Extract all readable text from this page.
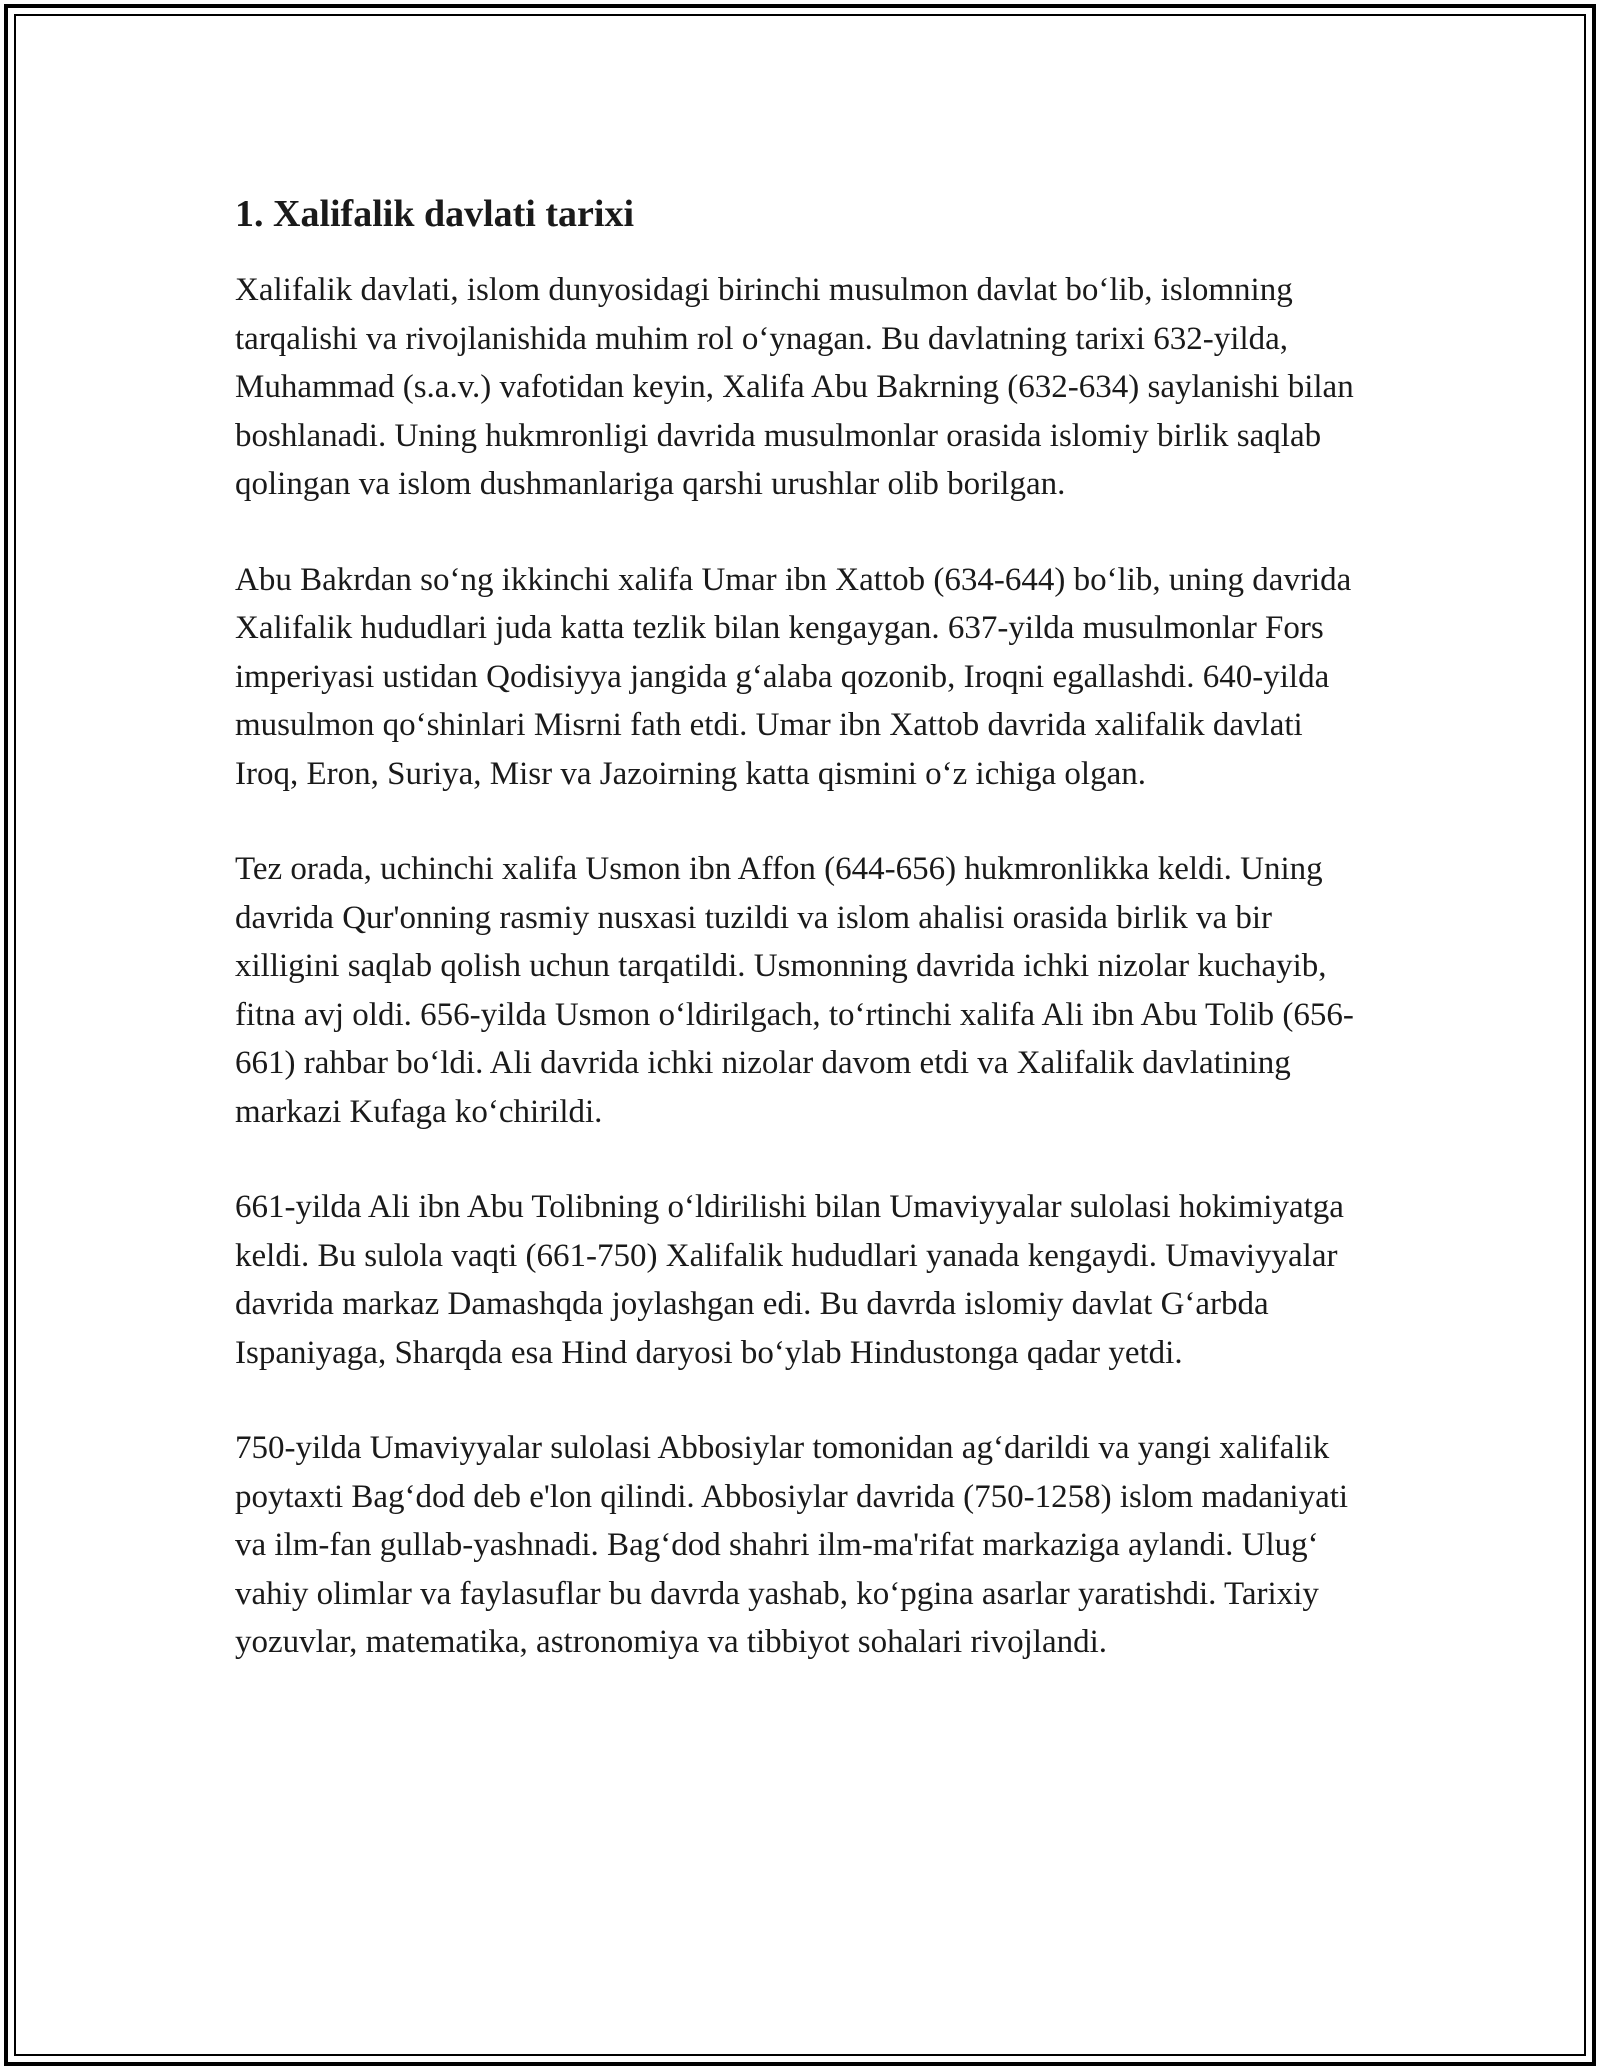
1. Xalifalik davlati tarixi

Xalifalik davlati, islom dunyosidagi birinchi musulmon davlat bo‘lib, islomning tarqalishi va rivojlanishida muhim rol o‘ynagan. Bu davlatning tarixi 632-yilda, Muhammad (s.a.v.) vafotidan keyin, Xalifa Abu Bakrning (632-634) saylanishi bilan boshlanadi. Uning hukmronligi davrida musulmonlar orasida islomiy birlik saqlab qolingan va islom dushmanlariga qarshi urushlar olib borilgan.

Abu Bakrdan so‘ng ikkinchi xalifa Umar ibn Xattob (634-644) bo‘lib, uning davrida Xalifalik hududlari juda katta tezlik bilan kengaygan. 637-yilda musulmonlar Fors imperiyasi ustidan Qodisiyya jangida g‘alaba qozonib, Iroqni egallashdi. 640-yilda musulmon qo‘shinlari Misrni fath etdi. Umar ibn Xattob davrida xalifalik davlati Iroq, Eron, Suriya, Misr va Jazoirning katta qismini o‘z ichiga olgan.

Tez orada, uchinchi xalifa Usmon ibn Affon (644-656) hukmronlikka keldi. Uning davrida Qur'onning rasmiy nusxasi tuzildi va islom ahalisi orasida birlik va bir xilligini saqlab qolish uchun tarqatildi. Usmonning davrida ichki nizolar kuchayib, fitna avj oldi. 656-yilda Usmon o‘ldirilgach, to‘rtinchi xalifa Ali ibn Abu Tolib (656-661) rahbar bo‘ldi. Ali davrida ichki nizolar davom etdi va Xalifalik davlatining markazi Kufaga ko‘chirildi.

661-yilda Ali ibn Abu Tolibning o‘ldirilishi bilan Umaviyyalar sulolasi hokimiyatga keldi. Bu sulola vaqti (661-750) Xalifalik hududlari yanada kengaydi. Umaviyyalar davrida markaz Damashqda joylashgan edi. Bu davrda islomiy davlat G‘arbda Ispaniyaga, Sharqda esa Hind daryosi bo‘ylab Hindustonga qadar yetdi.

750-yilda Umaviyyalar sulolasi Abbosiylar tomonidan ag‘darildi va yangi xalifalik poytaxti Bag‘dod deb e'lon qilindi. Abbosiylar davrida (750-1258) islom madaniyati va ilm-fan gullab-yashnadi. Bag‘dod shahri ilm-ma'rifat markaziga aylandi. Ulug‘ vahiy olimlar va faylasuflar bu davrda yashab, ko‘pgina asarlar yaratishdi. Tarixiy yozuvlar, matematika, astronomiya va tibbiyot sohalari rivojlandi.
